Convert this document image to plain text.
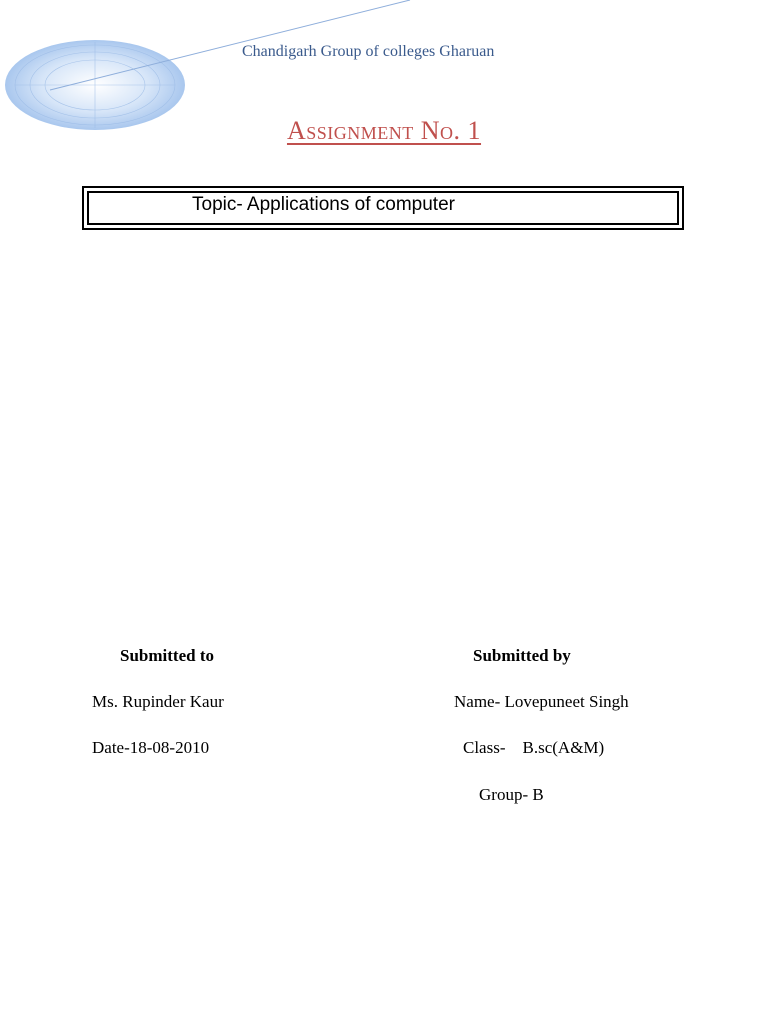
Chandigarh Group of colleges Gharuan
Assignment No. 1
Topic- Applications of computer
Submitted to
Ms. Rupinder Kaur
Date-18-08-2010
Submitted by
Name- Lovepuneet Singh
Class-    B.sc(A&M)
Group- B
